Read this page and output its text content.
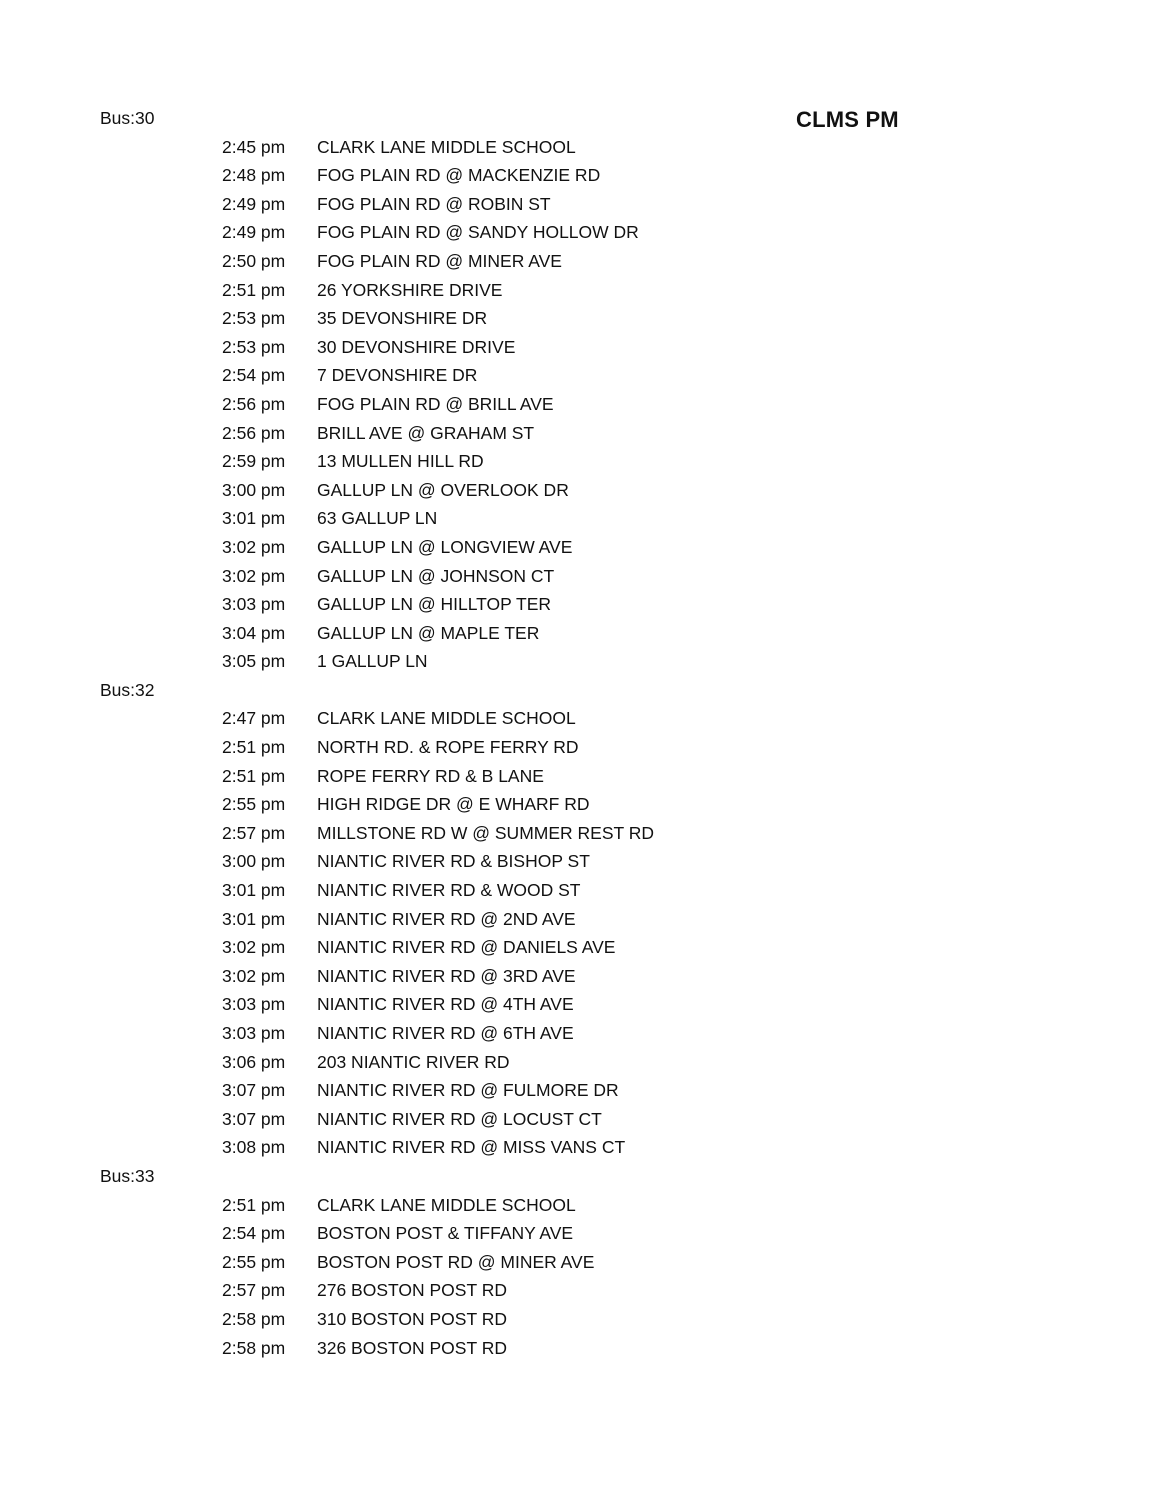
CLMS PM
Bus:30
2:45 pm CLARK LANE MIDDLE SCHOOL
2:48 pm FOG PLAIN RD @ MACKENZIE RD
2:49 pm FOG PLAIN RD @ ROBIN ST
2:49 pm FOG PLAIN RD @ SANDY HOLLOW DR
2:50 pm FOG PLAIN RD @ MINER AVE
2:51 pm 26 YORKSHIRE DRIVE
2:53 pm 35 DEVONSHIRE DR
2:53 pm 30 DEVONSHIRE DRIVE
2:54 pm 7 DEVONSHIRE DR
2:56 pm FOG PLAIN RD @ BRILL AVE
2:56 pm BRILL AVE @ GRAHAM ST
2:59 pm 13 MULLEN HILL RD
3:00 pm GALLUP LN @ OVERLOOK DR
3:01 pm 63 GALLUP LN
3:02 pm GALLUP LN @ LONGVIEW AVE
3:02 pm GALLUP LN @ JOHNSON CT
3:03 pm GALLUP LN @ HILLTOP TER
3:04 pm GALLUP LN @ MAPLE TER
3:05 pm 1 GALLUP LN
Bus:32
2:47 pm CLARK LANE MIDDLE SCHOOL
2:51 pm NORTH RD. & ROPE FERRY RD
2:51 pm ROPE FERRY RD & B LANE
2:55 pm HIGH RIDGE DR @ E WHARF RD
2:57 pm MILLSTONE RD W @ SUMMER REST RD
3:00 pm NIANTIC RIVER RD & BISHOP ST
3:01 pm NIANTIC RIVER RD & WOOD ST
3:01 pm NIANTIC RIVER RD @ 2ND AVE
3:02 pm NIANTIC RIVER RD @ DANIELS AVE
3:02 pm NIANTIC RIVER RD @ 3RD AVE
3:03 pm NIANTIC RIVER RD @ 4TH AVE
3:03 pm NIANTIC RIVER RD @ 6TH AVE
3:06 pm 203 NIANTIC RIVER RD
3:07 pm NIANTIC RIVER RD @ FULMORE DR
3:07 pm NIANTIC RIVER RD @ LOCUST CT
3:08 pm NIANTIC RIVER RD @ MISS VANS CT
Bus:33
2:51 pm CLARK LANE MIDDLE SCHOOL
2:54 pm BOSTON POST & TIFFANY AVE
2:55 pm BOSTON POST RD @ MINER AVE
2:57 pm 276 BOSTON POST RD
2:58 pm 310 BOSTON POST RD
2:58 pm 326 BOSTON POST RD
